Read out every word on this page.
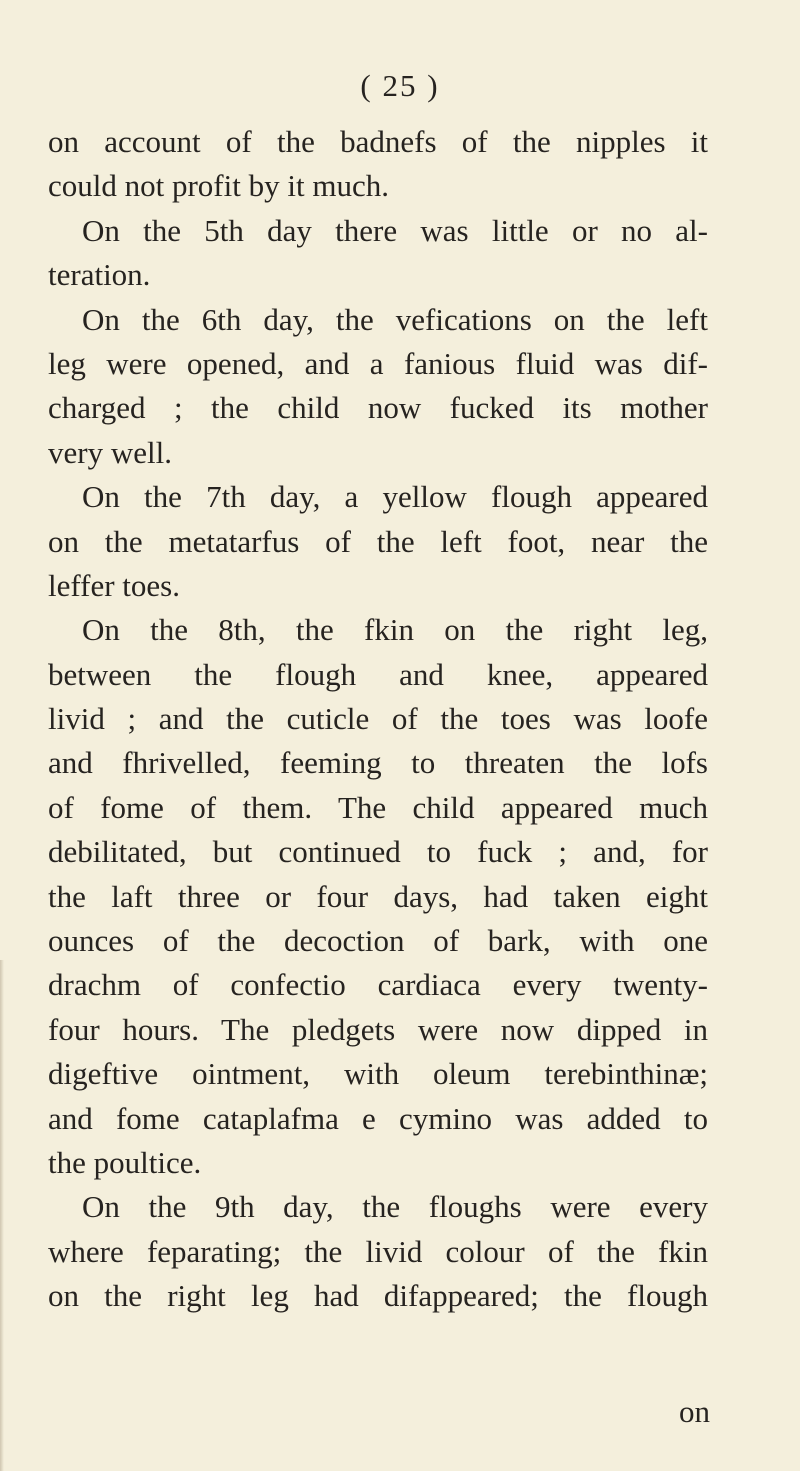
( 25 )
on account of the badnefs of the nipples it
could not profit by it much.
On the 5th day there was little or no al-
teration.
On the 6th day, the vefications on the left
leg were opened, and a fanious fluid was dif-
charged ; the child now fucked its mother
very well.
On the 7th day, a yellow flough appeared
on the metatarfus of the left foot, near the
leffer toes.
On the 8th, the fkin on the right leg,
between the flough and knee, appeared
livid ; and the cuticle of the toes was loofe
and fhrivelled, feeming to threaten the lofs
of fome of them. The child appeared much
debilitated, but continued to fuck ; and, for
the laft three or four days, had taken eight
ounces of the decoction of bark, with one
drachm of confectio cardiaca every twenty-
four hours. The pledgets were now dipped in
digeftive ointment, with oleum terebinthinæ;
and fome cataplafma e cymino was added to
the poultice.
On the 9th day, the floughs were every
where feparating; the livid colour of the fkin
on the right leg had difappeared; the flough
on
